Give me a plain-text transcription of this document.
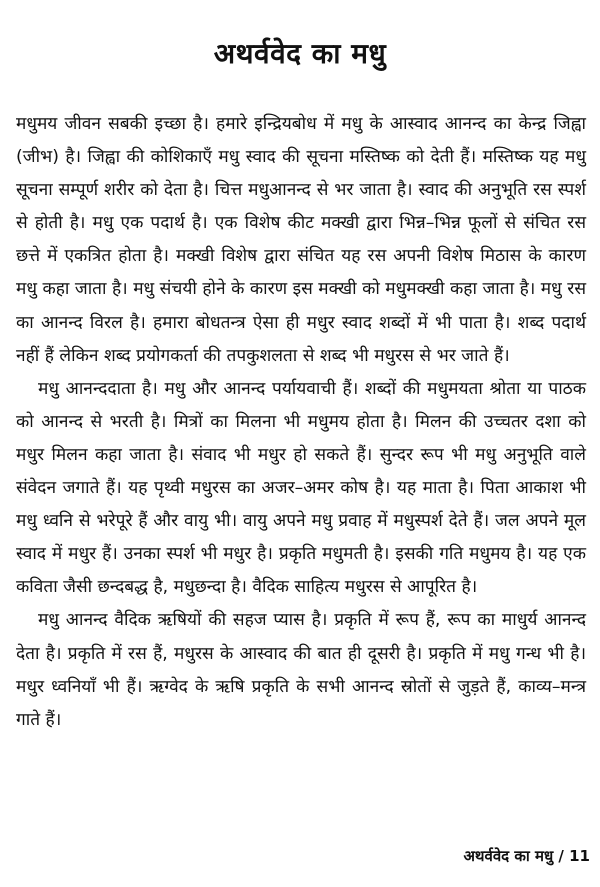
अथर्ववेद का मधु

मधुमय जीवन सबकी इच्छा है। हमारे इन्द्रियबोध में मधु के आस्वाद आनन्द का केन्द्र जिह्वा (जीभ) है। जिह्वा की कोशिकाएँ मधु स्वाद की सूचना मस्तिष्क को देती हैं। मस्तिष्क यह मधु सूचना सम्पूर्ण शरीर को देता है। चित्त मधुआनन्द से भर जाता है। स्वाद की अनुभूति रस स्पर्श से होती है। मधु एक पदार्थ है। एक विशेष कीट मक्खी द्वारा भिन्न–भिन्न फूलों से संचित रस छत्ते में एकत्रित होता है। मक्खी विशेष द्वारा संचित यह रस अपनी विशेष मिठास के कारण मधु कहा जाता है। मधु संचयी होने के कारण इस मक्खी को मधुमक्खी कहा जाता है। मधु रस का आनन्द विरल है। हमारा बोधतन्त्र ऐसा ही मधुर स्वाद शब्दों में भी पाता है। शब्द पदार्थ नहीं हैं लेकिन शब्द प्रयोगकर्ता की तपकुशलता से शब्द भी मधुरस से भर जाते हैं।

मधु आनन्ददाता है। मधु और आनन्द पर्यायवाची हैं। शब्दों की मधुमयता श्रोता या पाठक को आनन्द से भरती है। मित्रों का मिलना भी मधुमय होता है। मिलन की उच्चतर दशा को मधुर मिलन कहा जाता है। संवाद भी मधुर हो सकते हैं। सुन्दर रूप भी मधु अनुभूति वाले संवेदन जगाते हैं। यह पृथ्वी मधुरस का अजर–अमर कोष है। यह माता है। पिता आकाश भी मधु ध्वनि से भरेपूरे हैं और वायु भी। वायु अपने मधु प्रवाह में मधुस्पर्श देते हैं। जल अपने मूल स्वाद में मधुर हैं। उनका स्पर्श भी मधुर है। प्रकृति मधुमती है। इसकी गति मधुमय है। यह एक कविता जैसी छन्दबद्ध है, मधुछन्दा है। वैदिक साहित्य मधुरस से आपूरित है।

मधु आनन्द वैदिक ऋषियों की सहज प्यास है। प्रकृति में रूप हैं, रूप का माधुर्य आनन्द देता है। प्रकृति में रस हैं, मधुरस के आस्वाद की बात ही दूसरी है। प्रकृति में मधु गन्ध भी है। मधुर ध्वनियाँ भी हैं। ऋग्वेद के ऋषि प्रकृति के सभी आनन्द स्रोतों से जुड़ते हैं, काव्य–मन्त्र गाते हैं।

अथर्ववेद का मधु / 11
